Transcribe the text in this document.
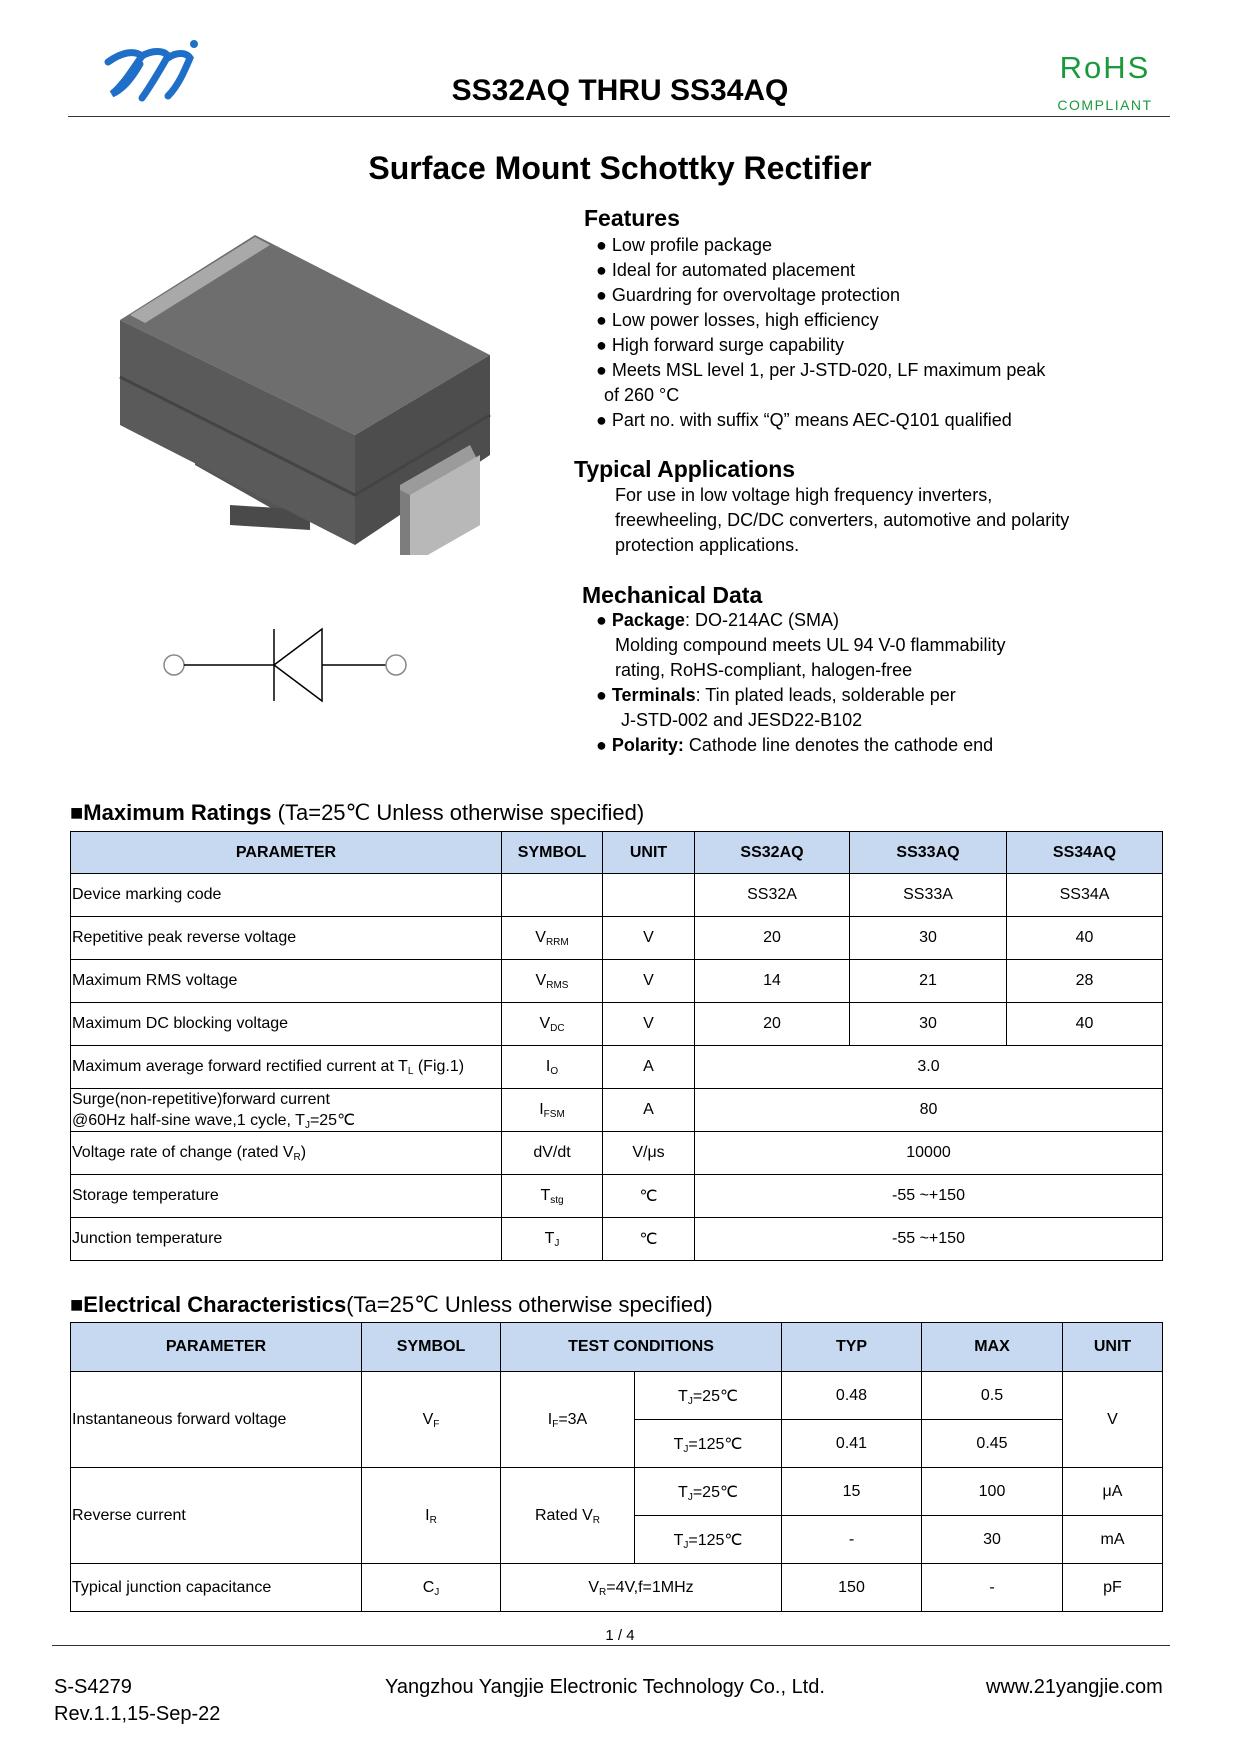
SS32AQ THRU SS34AQ
RoHS
COMPLIANT
Surface Mount Schottky Rectifier
Features
● Low profile package
● Ideal for automated placement
● Guardring for overvoltage protection
● Low power losses, high efficiency
● High forward surge capability
● Meets MSL level 1, per J-STD-020, LF maximum peak
of 260 °C
● Part no. with suffix “Q” means AEC-Q101 qualified
Typical Applications
For use in low voltage high frequency inverters,
freewheeling, DC/DC converters, automotive and polarity
protection applications.
Mechanical Data
● Package: DO-214AC (SMA)
Molding compound meets UL 94 V-0 flammability
rating, RoHS-compliant, halogen-free
● Terminals: Tin plated leads, solderable per
J-STD-002 and JESD22-B102
● Polarity: Cathode line denotes the cathode end
■Maximum Ratings (Ta=25℃ Unless otherwise specified)
PARAMETER	SYMBOL	UNIT	SS32AQ	SS33AQ	SS34AQ
Device marking code			SS32A	SS33A	SS34A
Repetitive peak reverse voltage	$V_{RRM}$	V	20	30	40
Maximum RMS voltage	$V_{RMS}$	V	14	21	28
Maximum DC blocking voltage	$V_{DC}$	V	20	30	40
Maximum average forward rectified current at $T_L$ (Fig.1)	$I_O$	A	3.0		
Surge(non-repetitive)forward current
@60Hz half-sine wave,1 cycle, $T_J=25℃$	$I_{FSM}$	A	80		
Voltage rate of change (rated $V_R$)	dV/dt	V/μs	10000		
Storage temperature	$T_{stg}$	℃	-55 ~+150		
Junction temperature	$T_J$	℃	-55 ~+150		
■Electrical Characteristics(Ta=25℃ Unless otherwise specified)
PARAMETER	SYMBOL	TEST CONDITIONS		TYP	MAX	UNIT
Instantaneous forward voltage	$V_F$	$I_F=3A$	$T_J=25℃$	0.48	0.5	V
			$T_J=125℃$	0.41	0.45	
Reverse current	$I_R$	Rated $V_R$	$T_J=25℃$	15	100	μA
			$T_J=125℃$	-	30	mA
Typical junction capacitance	$C_J$	$V_R=4V,f=1MHz$		150	-	pF
1 / 4
S-S4279
Rev.1.1,15-Sep-22
Yangzhou Yangjie Electronic Technology Co., Ltd.	www.21yangjie.com
